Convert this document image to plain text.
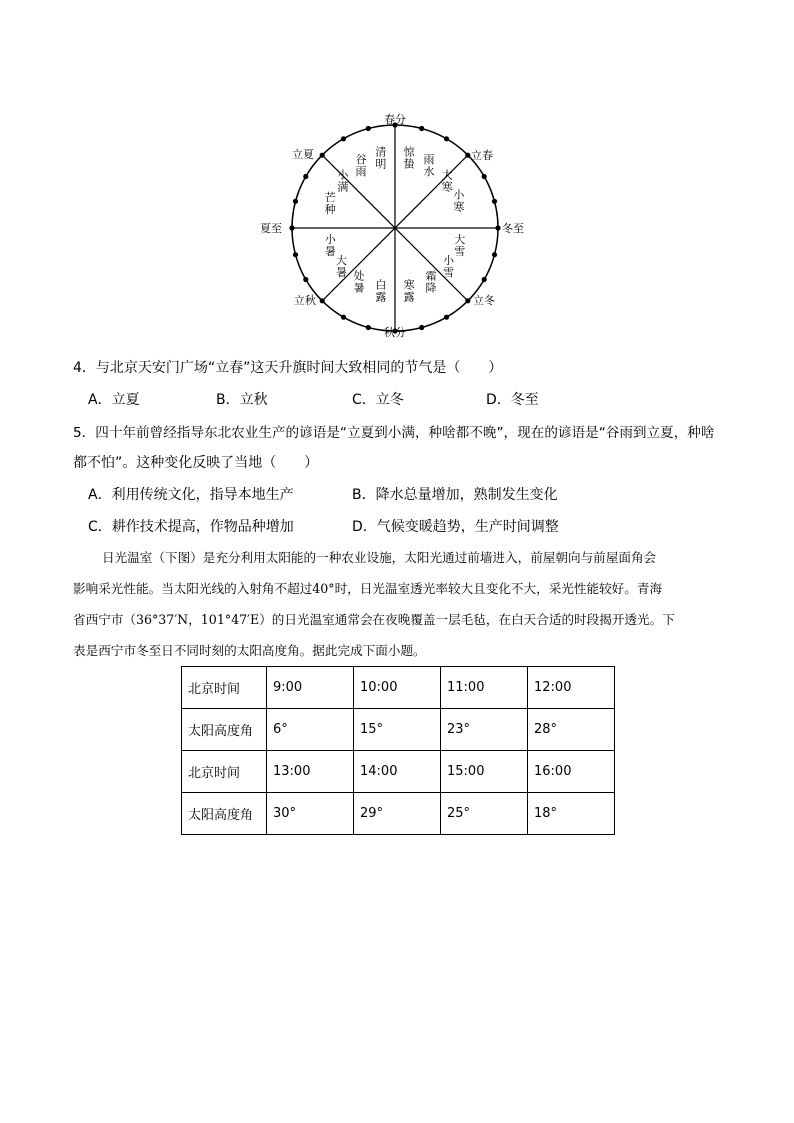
春分
立春
冬至
立冬
秋分
立秋
夏至
立夏	清明
谷雨
惊蛰 雨水 大寒
小寒
大雪
小雪
霜降
寒露
白露
处暑
大暑
小暑
芒种
小满
4．与北京天安门广场“立春”这天升旗时间大致相同的节气是（　　）
A．立夏	B．立秋	C．立冬	D．冬至
5．四十年前曾经指导东北农业生产的谚语是“立夏到小满，种啥都不晚”，现在的谚语是“谷雨到立夏，种啥
都不怕”。这种变化反映了当地（　　）
A．利用传统文化，指导本地生产	B．降水总量增加，熟制发生变化
C．耕作技术提高，作物品种增加	D．气候变暖趋势，生产时间调整
日光温室（下图）是充分利用太阳能的一种农业设施，太阳光通过前墙进入，前屋朝向与前屋面角会
影响采光性能。当太阳光线的入射角不超过40°时，日光温室透光率较大且变化不大，采光性能较好。青海
省西宁市（36°37′N，101°47′E）的日光温室通常会在夜晚覆盖一层毛毡，在白天合适的时段揭开透光。下
表是西宁市冬至日不同时刻的太阳高度角。据此完成下面小题。
北京时间	9:00	10:00	11:00	12:00
太阳高度角	6°	15°	23°	28°
北京时间	13:00	14:00	15:00	16:00
太阳高度角	30°	29°	25°	18°
